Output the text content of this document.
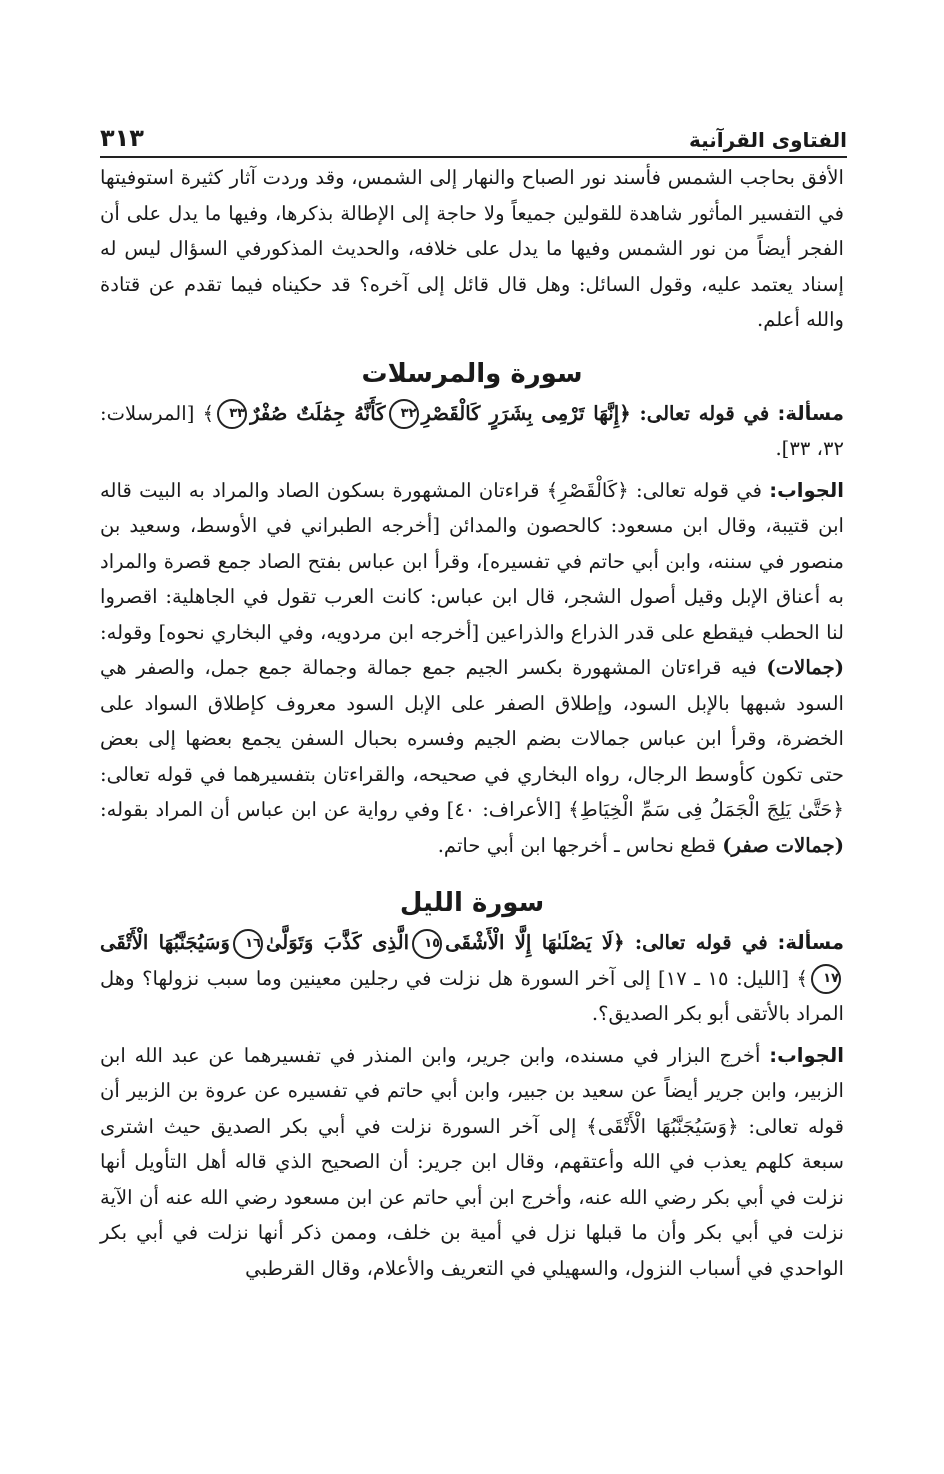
الفتاوى القرآنية
٣١٣

الأفق بحاجب الشمس فأسند نور الصباح والنهار إلى الشمس، وقد وردت آثار كثيرة استوفيتها في التفسير المأثور شاهدة للقولين جميعاً ولا حاجة إلى الإطالة بذكرها، وفيها ما يدل على أن الفجر أيضاً من نور الشمس وفيها ما يدل على خلافه، والحديث المذكورفي السؤال ليس له إسناد يعتمد عليه، وقول السائل: وهل قال قائل إلى آخره؟ قد حكيناه فيما تقدم عن قتادة والله أعلم.

سورة والمرسلات

مسألة: في قوله تعالى: ﴿إِنَّهَا تَرْمِى بِشَرَرٍ كَالْقَصْرِ٣٢كَأَنَّهُ جِمَٰلَتٌ صُفْرٌ٣٣﴾ [المرسلات: ٣٢، ٣٣].

الجواب: في قوله تعالى: ﴿كَالْقَصْرِ﴾ قراءتان المشهورة بسكون الصاد والمراد به البيت قاله ابن قتيبة، وقال ابن مسعود: كالحصون والمدائن [أخرجه الطبراني في الأوسط، وسعيد بن منصور في سننه، وابن أبي حاتم في تفسيره]، وقرأ ابن عباس بفتح الصاد جمع قصرة والمراد به أعناق الإبل وقيل أصول الشجر، قال ابن عباس: كانت العرب تقول في الجاهلية: اقصروا لنا الحطب فيقطع على قدر الذراع والذراعين [أخرجه ابن مردويه، وفي البخاري نحوه] وقوله: (جمالات) فيه قراءتان المشهورة بكسر الجيم جمع جمالة وجمالة جمع جمل، والصفر هي السود شبهها بالإبل السود، وإطلاق الصفر على الإبل السود معروف كإطلاق السواد على الخضرة، وقرأ ابن عباس جمالات بضم الجيم وفسره بحبال السفن يجمع بعضها إلى بعض حتى تكون كأوسط الرجال، رواه البخاري في صحيحه، والقراءتان بتفسيرهما في قوله تعالى: ﴿حَتَّىٰ يَلِجَ الْجَمَلُ فِى سَمِّ الْخِيَاطِ﴾ [الأعراف: ٤٠] وفي رواية عن ابن عباس أن المراد بقوله: (جمالات صفر) قطع نحاس ـ أخرجها ابن أبي حاتم.

سورة الليل

مسألة: في قوله تعالى: ﴿لَا يَصْلَىٰهَا إِلَّا الْأَشْقَى١٥الَّذِى كَذَّبَ وَتَوَلَّىٰ١٦وَسَيُجَنَّبُهَا الْأَتْقَى١٧﴾ [الليل: ١٥ ـ ١٧] إلى آخر السورة هل نزلت في رجلين معينين وما سبب نزولها؟ وهل المراد بالأتقى أبو بكر الصديق؟.

الجواب: أخرج البزار في مسنده، وابن جرير، وابن المنذر في تفسيرهما عن عبد الله ابن الزبير، وابن جرير أيضاً عن سعيد بن جبير، وابن أبي حاتم في تفسيره عن عروة بن الزبير أن قوله تعالى: ﴿وَسَيُجَنَّبُهَا الْأَتْقَى﴾ إلى آخر السورة نزلت في أبي بكر الصديق حيث اشترى سبعة كلهم يعذب في الله وأعتقهم، وقال ابن جرير: أن الصحيح الذي قاله أهل التأويل أنها نزلت في أبي بكر رضي الله عنه، وأخرج ابن أبي حاتم عن ابن مسعود رضي الله عنه أن الآية نزلت في أبي بكر وأن ما قبلها نزل في أمية بن خلف، وممن ذكر أنها نزلت في أبي بكر الواحدي في أسباب النزول، والسهيلي في التعريف والأعلام، وقال القرطبي
